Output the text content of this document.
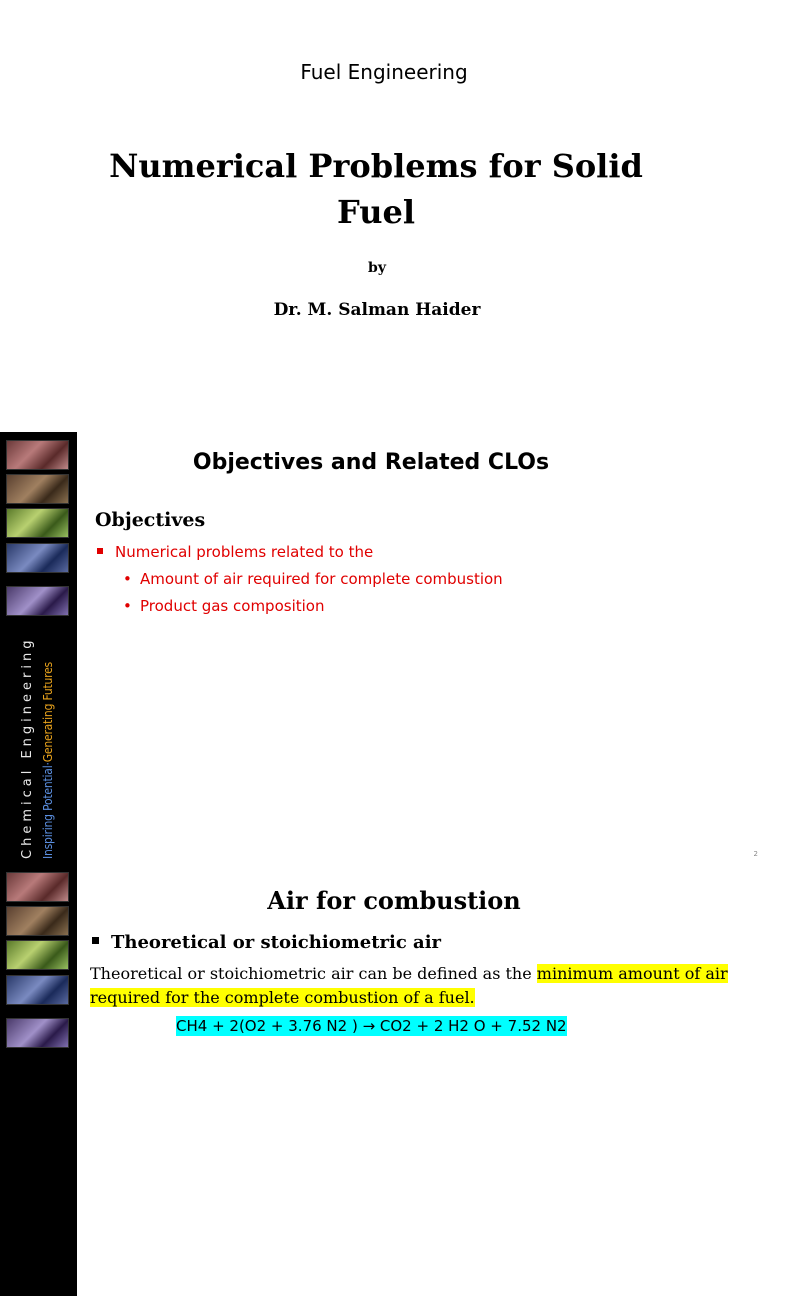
Fuel Engineering
Numerical Problems for Solid Fuel
by
Dr. M. Salman Haider
Chemical Engineering Inspiring Potential·Generating Futures
Objectives and Related CLOs
Objectives
Numerical problems related to the
• Amount of air required for complete combustion
• Product gas composition
2
Air for combustion
Theoretical or stoichiometric air
Theoretical or stoichiometric air can be defined as the minimum amount of air required for the complete combustion of a fuel.
CH4 + 2(O2 + 3.76 N2 ) → CO2 + 2 H2 O + 7.52 N2
